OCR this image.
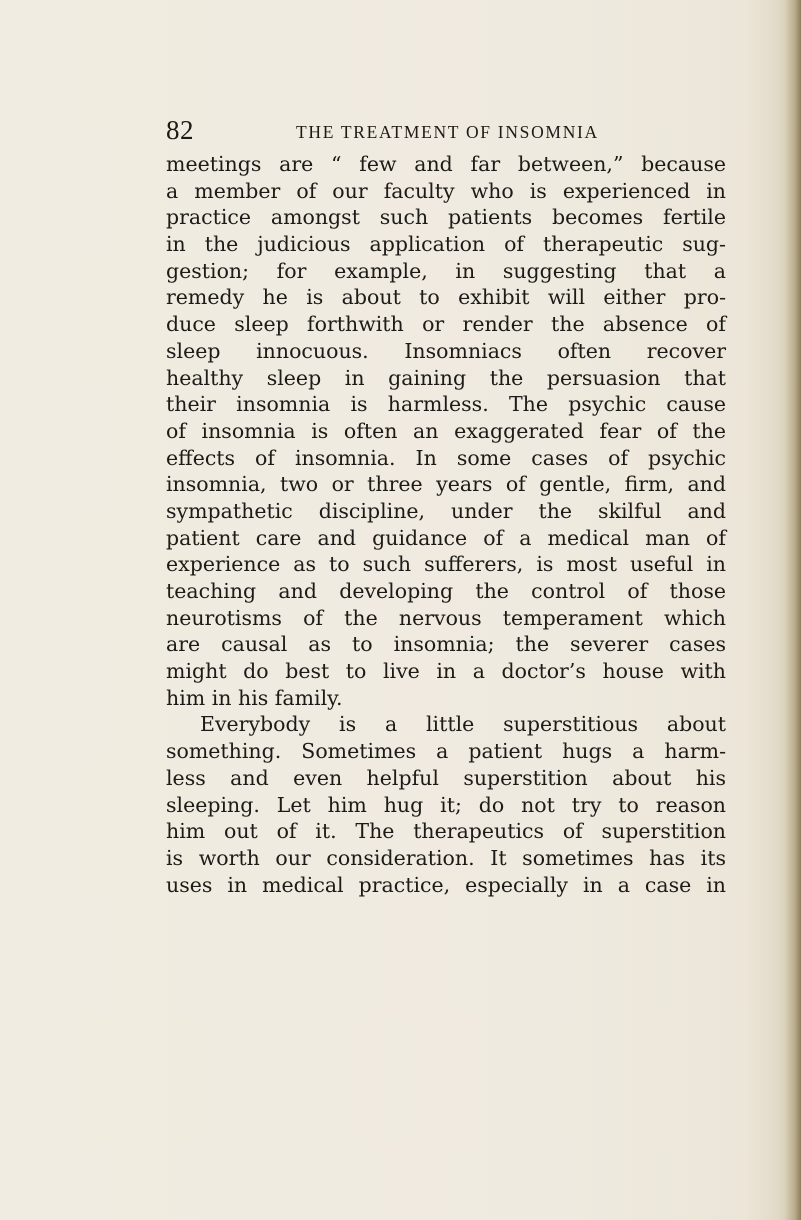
82	THE TREATMENT OF INSOMNIA
meetings are “ few and far between,” because
a member of our faculty who is experienced in
practice amongst such patients becomes fertile
in the judicious application of therapeutic sug-
gestion; for example, in suggesting that a
remedy he is about to exhibit will either pro-
duce sleep forthwith or render the absence of
sleep innocuous. Insomniacs often recover
healthy sleep in gaining the persuasion that
their insomnia is harmless. The psychic cause
of insomnia is often an exaggerated fear of the
effects of insomnia. In some cases of psychic
insomnia, two or three years of gentle, firm, and
sympathetic discipline, under the skilful and
patient care and guidance of a medical man of
experience as to such sufferers, is most useful in
teaching and developing the control of those
neurotisms of the nervous temperament which
are causal as to insomnia; the severer cases
might do best to live in a doctor’s house with
him in his family.
Everybody is a little superstitious about
something. Sometimes a patient hugs a harm-
less and even helpful superstition about his
sleeping. Let him hug it; do not try to reason
him out of it. The therapeutics of superstition
is worth our consideration. It sometimes has its
uses in medical practice, especially in a case in
